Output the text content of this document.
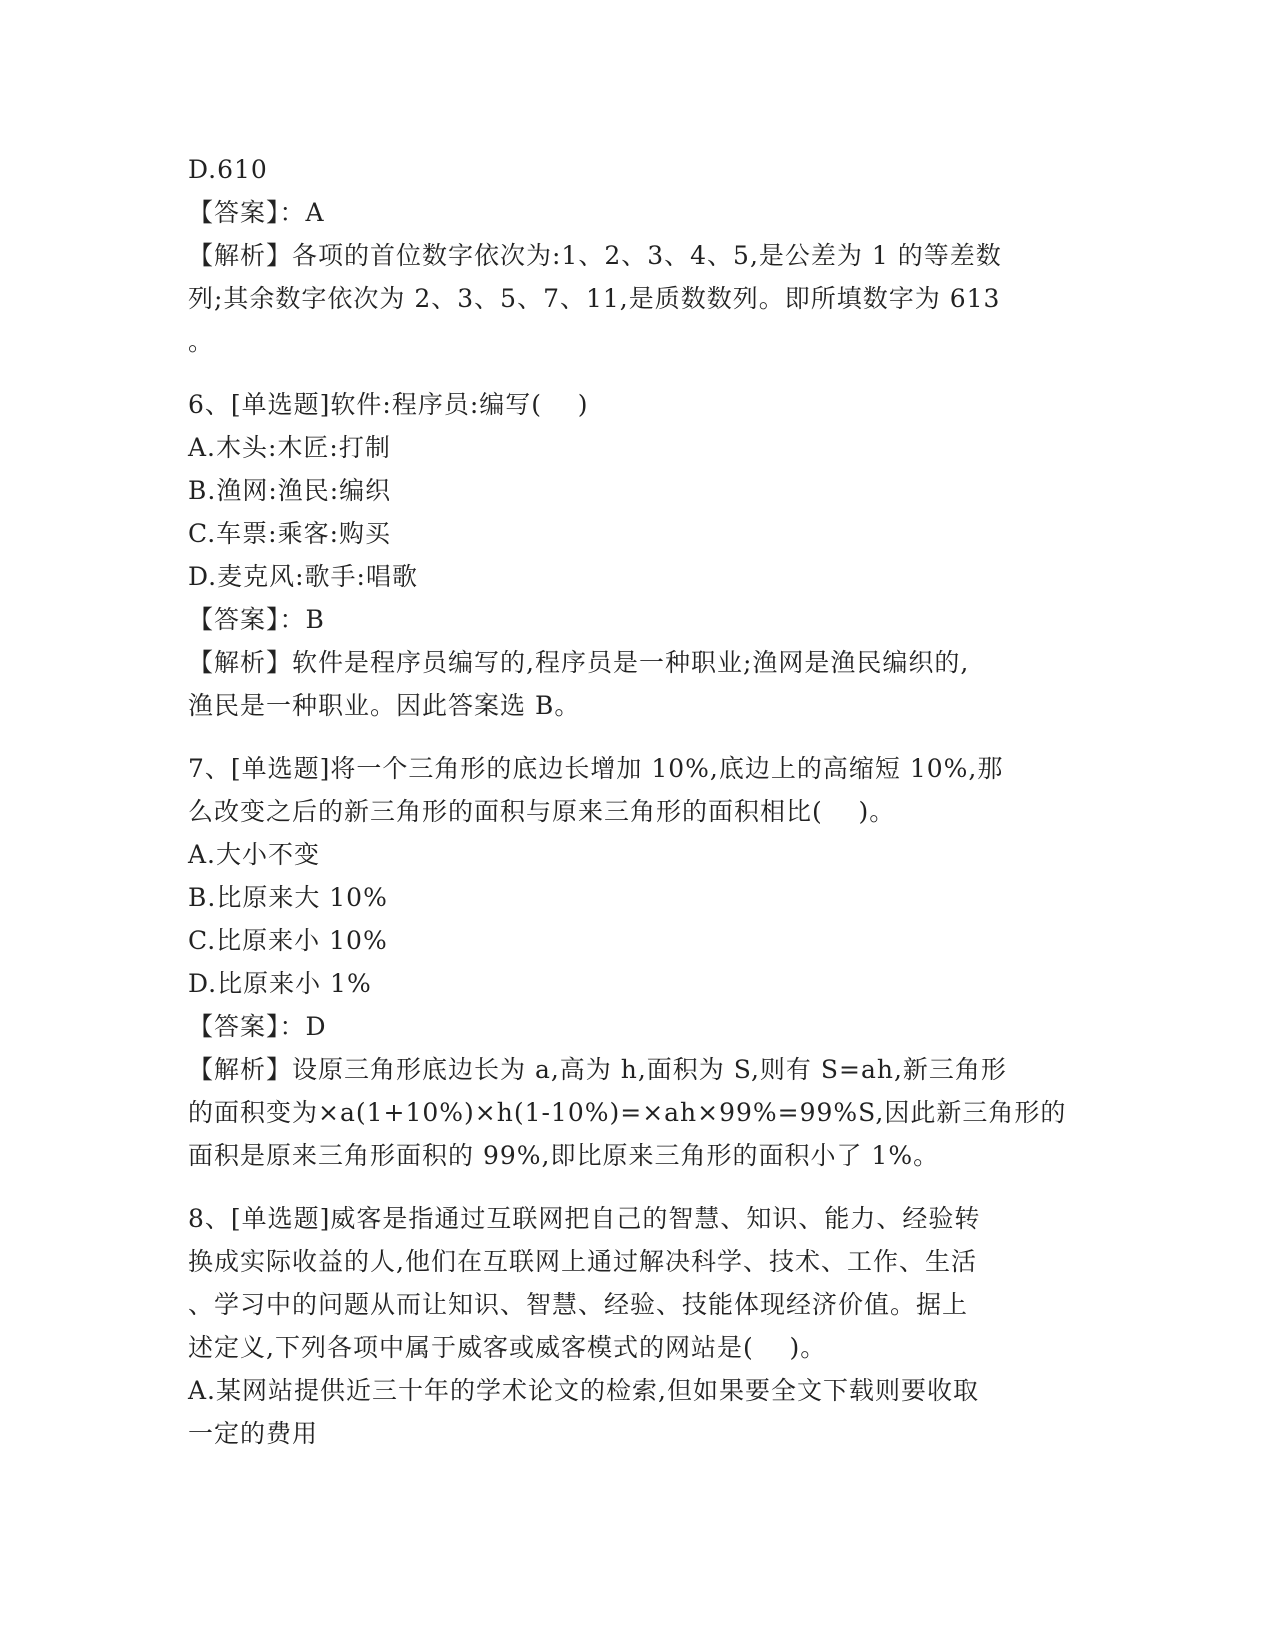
D.610
【答案】：A
【解析】各项的首位数字依次为:1、2、3、4、5,是公差为 1 的等差数
列;其余数字依次为 2、3、5、7、11,是质数数列。即所填数字为 613
。
6、[单选题]软件:程序员:编写(    )
A.木头:木匠:打制
B.渔网:渔民:编织
C.车票:乘客:购买
D.麦克风:歌手:唱歌
【答案】：B
【解析】软件是程序员编写的,程序员是一种职业;渔网是渔民编织的,
渔民是一种职业。因此答案选 B。
7、[单选题]将一个三角形的底边长增加 10%,底边上的高缩短 10%,那
么改变之后的新三角形的面积与原来三角形的面积相比(    )。
A.大小不变
B.比原来大 10%
C.比原来小 10%
D.比原来小 1%
【答案】：D
【解析】设原三角形底边长为 a,高为 h,面积为 S,则有 S=ah,新三角形
的面积变为×a(1+10%)×h(1-10%)=×ah×99%=99%S,因此新三角形的
面积是原来三角形面积的 99%,即比原来三角形的面积小了 1%。
8、[单选题]威客是指通过互联网把自己的智慧、知识、能力、经验转
换成实际收益的人,他们在互联网上通过解决科学、技术、工作、生活
、学习中的问题从而让知识、智慧、经验、技能体现经济价值。据上
述定义,下列各项中属于威客或威客模式的网站是(    )。
A.某网站提供近三十年的学术论文的检索,但如果要全文下载则要收取
一定的费用
